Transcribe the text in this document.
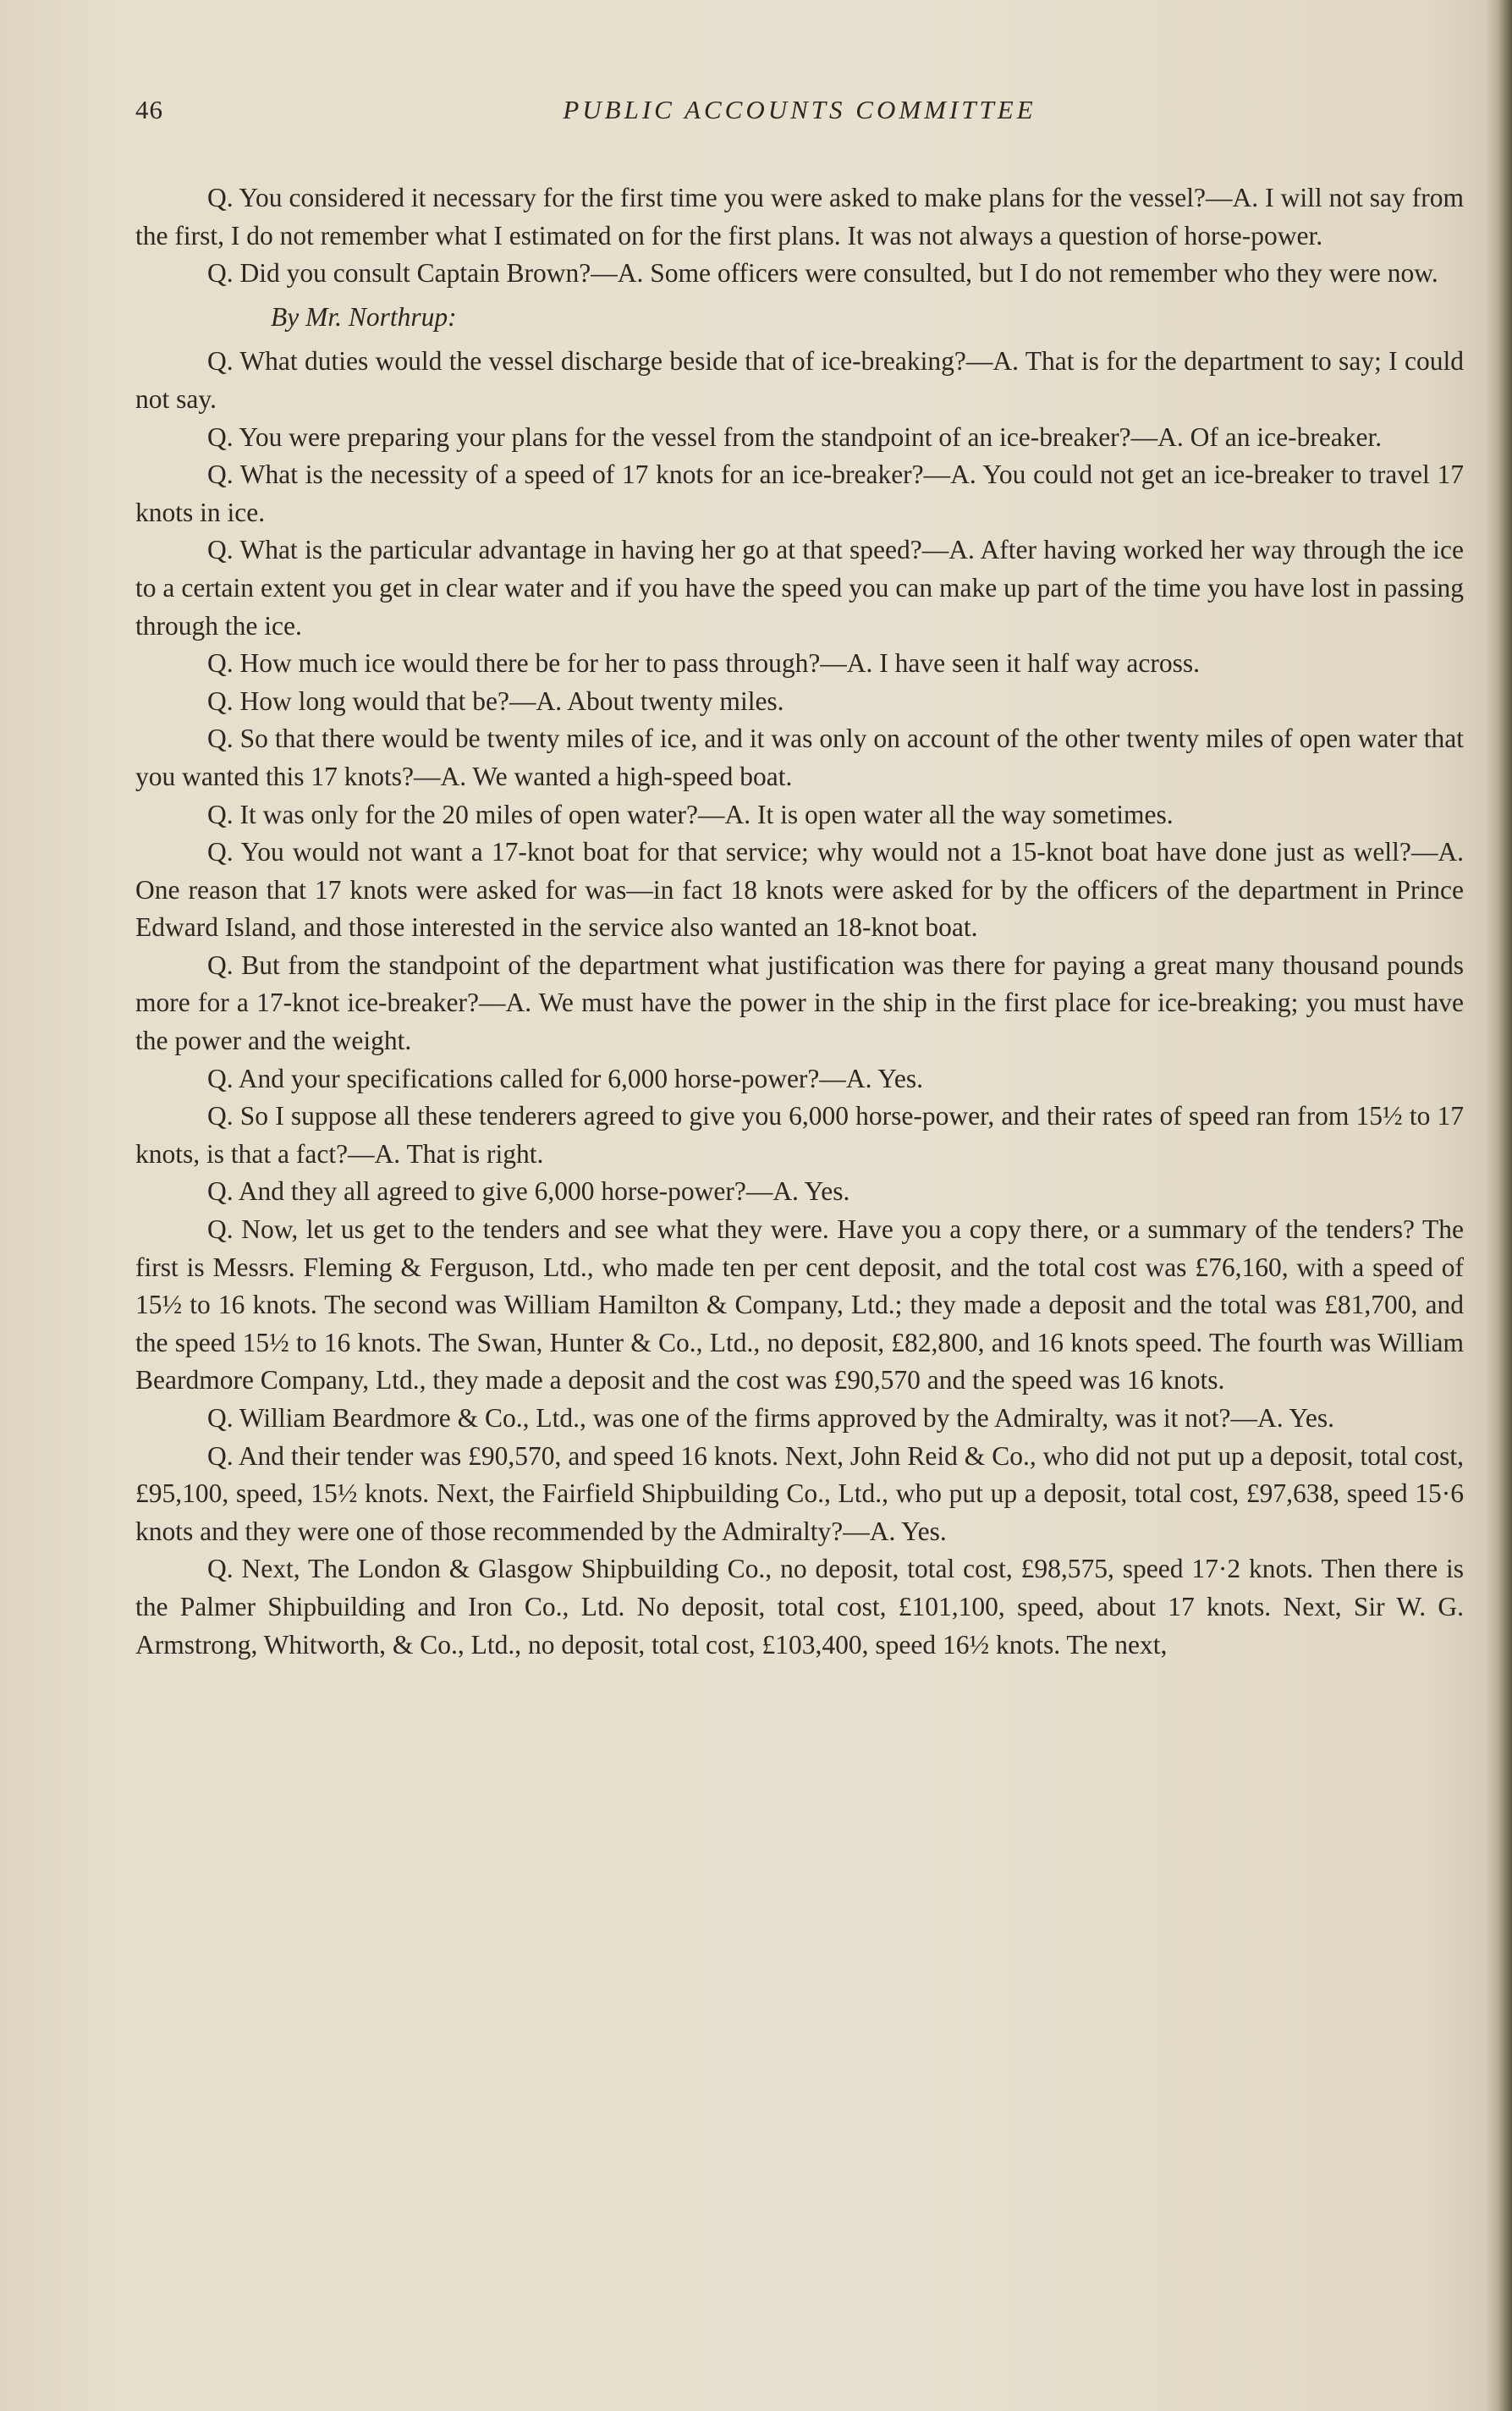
46	PUBLIC ACCOUNTS COMMITTEE

Q. You considered it necessary for the first time you were asked to make plans for the vessel?—A. I will not say from the first, I do not remember what I estimated on for the first plans. It was not always a question of horse-power.

Q. Did you consult Captain Brown?—A. Some officers were consulted, but I do not remember who they were now.

By Mr. Northrup:

Q. What duties would the vessel discharge beside that of ice-breaking?—A. That is for the department to say; I could not say.

Q. You were preparing your plans for the vessel from the standpoint of an ice-breaker?—A. Of an ice-breaker.

Q. What is the necessity of a speed of 17 knots for an ice-breaker?—A. You could not get an ice-breaker to travel 17 knots in ice.

Q. What is the particular advantage in having her go at that speed?—A. After having worked her way through the ice to a certain extent you get in clear water and if you have the speed you can make up part of the time you have lost in passing through the ice.

Q. How much ice would there be for her to pass through?—A. I have seen it half way across.

Q. How long would that be?—A. About twenty miles.

Q. So that there would be twenty miles of ice, and it was only on account of the other twenty miles of open water that you wanted this 17 knots?—A. We wanted a high-speed boat.

Q. It was only for the 20 miles of open water?—A. It is open water all the way sometimes.

Q. You would not want a 17-knot boat for that service; why would not a 15-knot boat have done just as well?—A. One reason that 17 knots were asked for was—in fact 18 knots were asked for by the officers of the department in Prince Edward Island, and those interested in the service also wanted an 18-knot boat.

Q. But from the standpoint of the department what justification was there for paying a great many thousand pounds more for a 17-knot ice-breaker?—A. We must have the power in the ship in the first place for ice-breaking; you must have the power and the weight.

Q. And your specifications called for 6,000 horse-power?—A. Yes.

Q. So I suppose all these tenderers agreed to give you 6,000 horse-power, and their rates of speed ran from 15½ to 17 knots, is that a fact?—A. That is right.

Q. And they all agreed to give 6,000 horse-power?—A. Yes.

Q. Now, let us get to the tenders and see what they were. Have you a copy there, or a summary of the tenders? The first is Messrs. Fleming & Ferguson, Ltd., who made ten per cent deposit, and the total cost was £76,160, with a speed of 15½ to 16 knots. The second was William Hamilton & Company, Ltd.; they made a deposit and the total was £81,700, and the speed 15½ to 16 knots. The Swan, Hunter & Co., Ltd., no deposit, £82,800, and 16 knots speed. The fourth was William Beardmore Company, Ltd., they made a deposit and the cost was £90,570 and the speed was 16 knots.

Q. William Beardmore & Co., Ltd., was one of the firms approved by the Admiralty, was it not?—A. Yes.

Q. And their tender was £90,570, and speed 16 knots. Next, John Reid & Co., who did not put up a deposit, total cost, £95,100, speed, 15½ knots. Next, the Fairfield Shipbuilding Co., Ltd., who put up a deposit, total cost, £97,638, speed 15·6 knots and they were one of those recommended by the Admiralty?—A. Yes.

Q. Next, The London & Glasgow Shipbuilding Co., no deposit, total cost, £98,575, speed 17·2 knots. Then there is the Palmer Shipbuilding and Iron Co., Ltd. No deposit, total cost, £101,100, speed, about 17 knots. Next, Sir W. G. Armstrong, Whitworth, & Co., Ltd., no deposit, total cost, £103,400, speed 16½ knots. The next,
